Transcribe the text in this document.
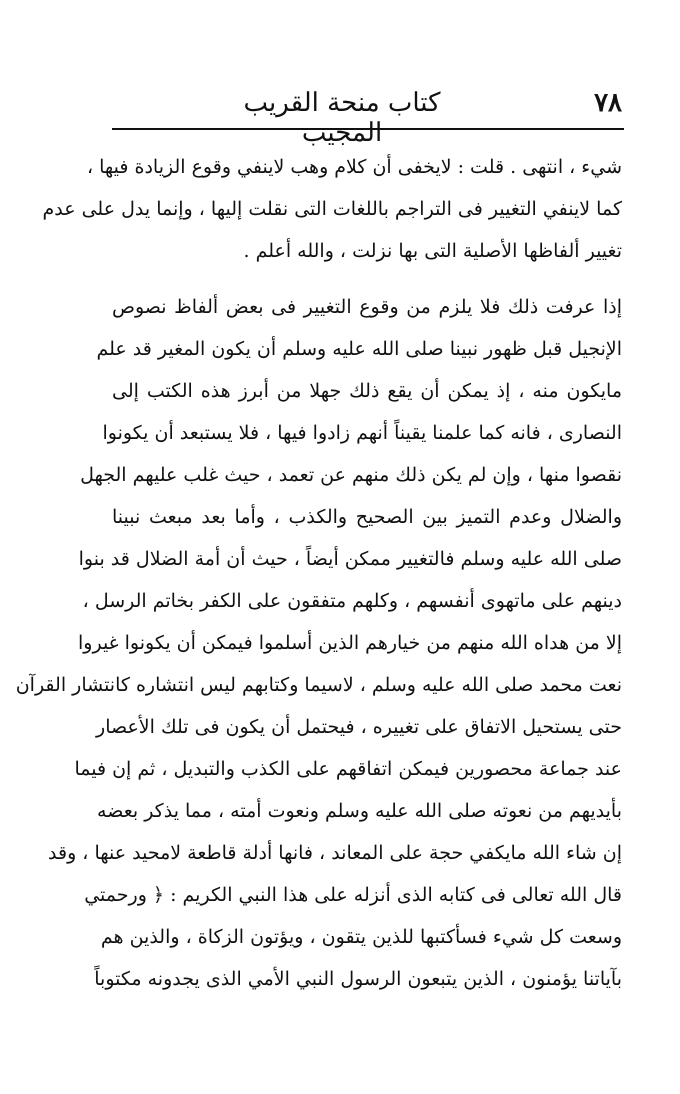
٧٨
كتاب منحة القريب المجيب
شيء ، انتهى . قلت : لايخفى أن كلام وهب لاينفي وقوع الزيادة فيها ،
كما لاينفي التغيير فى التراجم باللغات التى نقلت إليها ، وإنما يدل على عدم
تغيير ألفاظها الأصلية التى بها نزلت ، والله أعلم .
إذا عرفت ذلك فلا يلزم من وقوع التغيير فى بعض ألفاظ نصوص
الإنجيل قبل ظهور نبينا صلى الله عليه وسلم أن يكون المغير قد علم
مايكون منه ، إذ يمكن أن يقع ذلك جهلا من أبرز هذه الكتب إلى
النصارى ، فانه كما علمنا يقيناً أنهم زادوا فيها ، فلا يستبعد أن يكونوا
نقصوا منها ، وإن لم يكن ذلك منهم عن تعمد ، حيث غلب عليهم الجهل
والضلال وعدم التميز بين الصحيح والكذب ، وأما بعد مبعث نبينا
صلى الله عليه وسلم فالتغيير ممكن أيضاً ، حيث أن أمة الضلال قد بنوا
دينهم على ماتهوى أنفسهم ، وكلهم متفقون على الكفر بخاتم الرسل ،
إلا من هداه الله منهم من خيارهم الذين أسلموا فيمكن أن يكونوا غيروا
نعت محمد صلى الله عليه وسلم ، لاسيما وكتابهم ليس انتشاره كانتشار القرآن
حتى يستحيل الاتفاق على تغييره ، فيحتمل أن يكون فى تلك الأعصار
عند جماعة محصورين فيمكن اتفاقهم على الكذب والتبديل ، ثم إن فيما
بأيديهم من نعوته صلى الله عليه وسلم ونعوت أمته ، مما يذكر بعضه
إن شاء الله مايكفي حجة على المعاند ، فانها أدلة قاطعة لامحيد عنها ، وقد
قال الله تعالى فى كتابه الذى أنزله على هذا النبي الكريم : ﴿ ورحمتي
وسعت كل شيء فسأكتبها للذين يتقون ، ويؤتون الزكاة ، والذين هم
بآياتنا يؤمنون ، الذين يتبعون الرسول النبي الأمي الذى يجدونه مكتوباً
